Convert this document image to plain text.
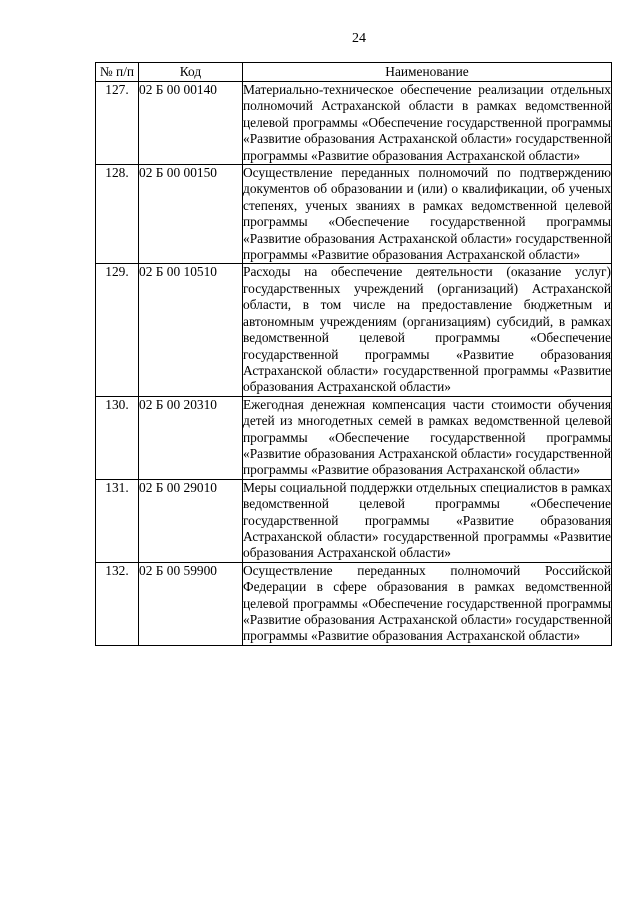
24
№ п/п	Код	Наименование
127.	02 Б 00 00140	Материально-техническое обеспечение реализации отдельных полномочий Астраханской области в рамках ведомственной целевой программы «Обеспечение государственной программы «Развитие образования Астраханской области» государственной программы «Развитие образования Астраханской области»
128.	02 Б 00 00150	Осуществление переданных полномочий по подтверждению документов об образовании и (или) о квалификации, об ученых степенях, ученых званиях в рамках ведомственной целевой программы «Обеспечение государственной программы «Развитие образования Астраханской области» государственной программы «Развитие образования Астраханской области»
129.	02 Б 00 10510	Расходы на обеспечение деятельности (оказание услуг) государственных учреждений (организаций) Астраханской области, в том числе на предоставление бюджетным и автономным учреждениям (организациям) субсидий, в рамках ведомственной целевой программы «Обеспечение государственной программы «Развитие образования Астраханской области» государственной программы «Развитие образования Астраханской области»
130.	02 Б 00 20310	Ежегодная денежная компенсация части стоимости обучения детей из многодетных семей в рамках ведомственной целевой программы «Обеспечение государственной программы «Развитие образования Астраханской области» государственной программы «Развитие образования Астраханской области»
131.	02 Б 00 29010	Меры социальной поддержки отдельных специалистов в рамках ведомственной целевой программы «Обеспечение государственной программы «Развитие образования Астраханской области» государственной программы «Развитие образования Астраханской области»
132.	02 Б 00 59900	Осуществление переданных полномочий Российской Федерации в сфере образования в рамках ведомственной целевой программы «Обеспечение государственной программы «Развитие образования Астраханской области» государственной программы «Развитие образования Астраханской области»
